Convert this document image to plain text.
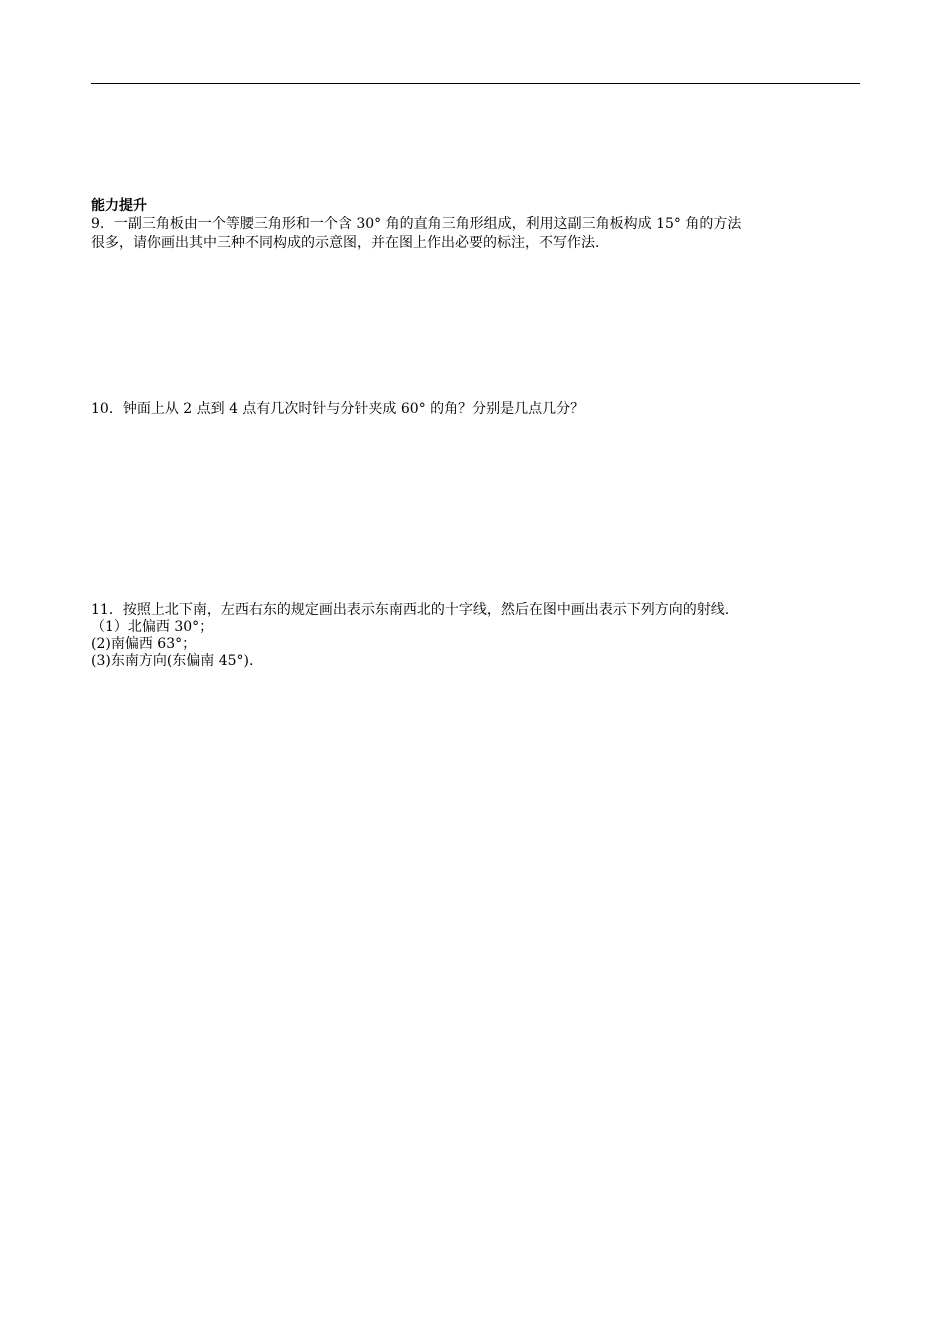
能力提升
9．一副三角板由一个等腰三角形和一个含 30° 角的直角三角形组成，利用这副三角板构成 15° 角的方法
很多，请你画出其中三种不同构成的示意图，并在图上作出必要的标注，不写作法.
10．钟面上从 2 点到 4 点有几次时针与分针夹成 60° 的角？分别是几点几分？
11．按照上北下南，左西右东的规定画出表示东南西北的十字线，然后在图中画出表示下列方向的射线.
（1）北偏西 30°；
(2)南偏西 63°；
(3)东南方向(东偏南 45°).
